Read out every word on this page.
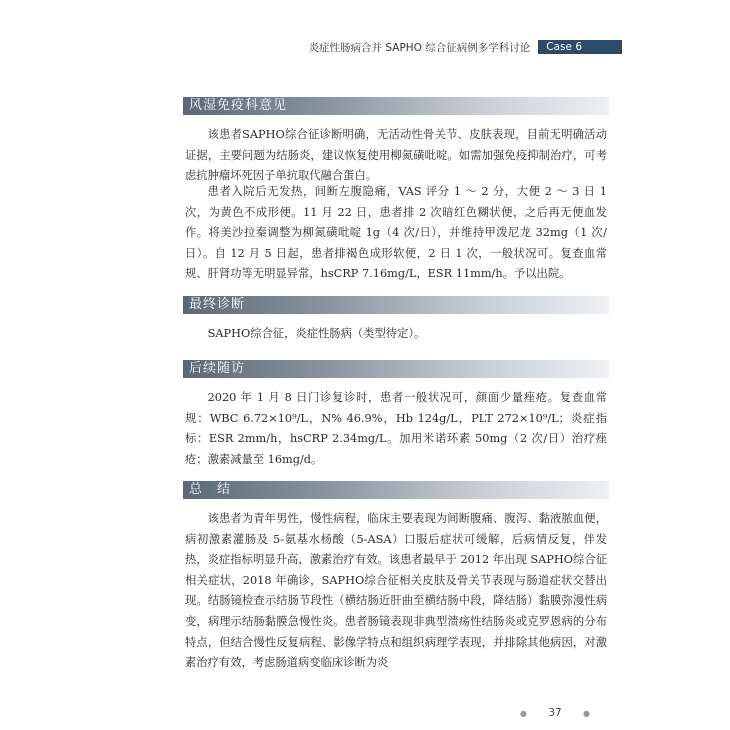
炎症性肠病合并 SAPHO 综合征病例多学科讨论	Case 6
风湿免疫科意见

该患者SAPHO综合征诊断明确，无活动性骨关节、皮肤表现，目前无明确活动证据，主要问题为结肠炎，建议恢复使用柳氮磺吡啶。如需加强免疫抑制治疗，可考虑抗肿瘤坏死因子单抗取代融合蛋白。

患者入院后无发热，间断左腹隐痛，VAS 评分 1 ～ 2 分，大便 2 ～ 3 日 1 次，为黄色不成形便。11 月 22 日，患者排 2 次暗红色糊状便，之后再无便血发作。将美沙拉秦调整为柳氮磺吡啶 1g（4 次/日），并维持甲泼尼龙 32mg（1 次/日）。自 12 月 5 日起，患者排褐色成形软便，2 日 1 次，一般状况可。复查血常规、肝肾功等无明显异常，hsCRP 7.16mg/L，ESR 11mm/h。予以出院。

最终诊断

SAPHO综合征，炎症性肠病（类型待定）。

后续随访

2020 年 1 月 8 日门诊复诊时，患者一般状况可，颜面少量痤疮。复查血常规：WBC 6.72×10⁹/L，N% 46.9%，Hb 124g/L，PLT 272×10⁹/L；炎症指标：ESR 2mm/h，hsCRP 2.34mg/L。加用米诺环素 50mg（2 次/日）治疗痤疮；激素减量至 16mg/d。

总　结

该患者为青年男性，慢性病程，临床主要表现为间断腹痛、腹泻、黏液脓血便，病初激素灌肠及 5-氨基水杨酸（5-ASA）口服后症状可缓解，后病情反复，伴发热，炎症指标明显升高，激素治疗有效。该患者最早于 2012 年出现 SAPHO综合征相关症状，2018 年确诊，SAPHO综合征相关皮肤及骨关节表现与肠道症状交替出现。结肠镜检查示结肠节段性（横结肠近肝曲至横结肠中段，降结肠）黏膜弥漫性病变，病理示结肠黏膜急慢性炎。患者肠镜表现非典型溃疡性结肠炎或克罗恩病的分布特点，但结合慢性反复病程、影像学特点和组织病理学表现，并排除其他病因，对激素治疗有效，考虑肠道病变临床诊断为炎

● 37	●
